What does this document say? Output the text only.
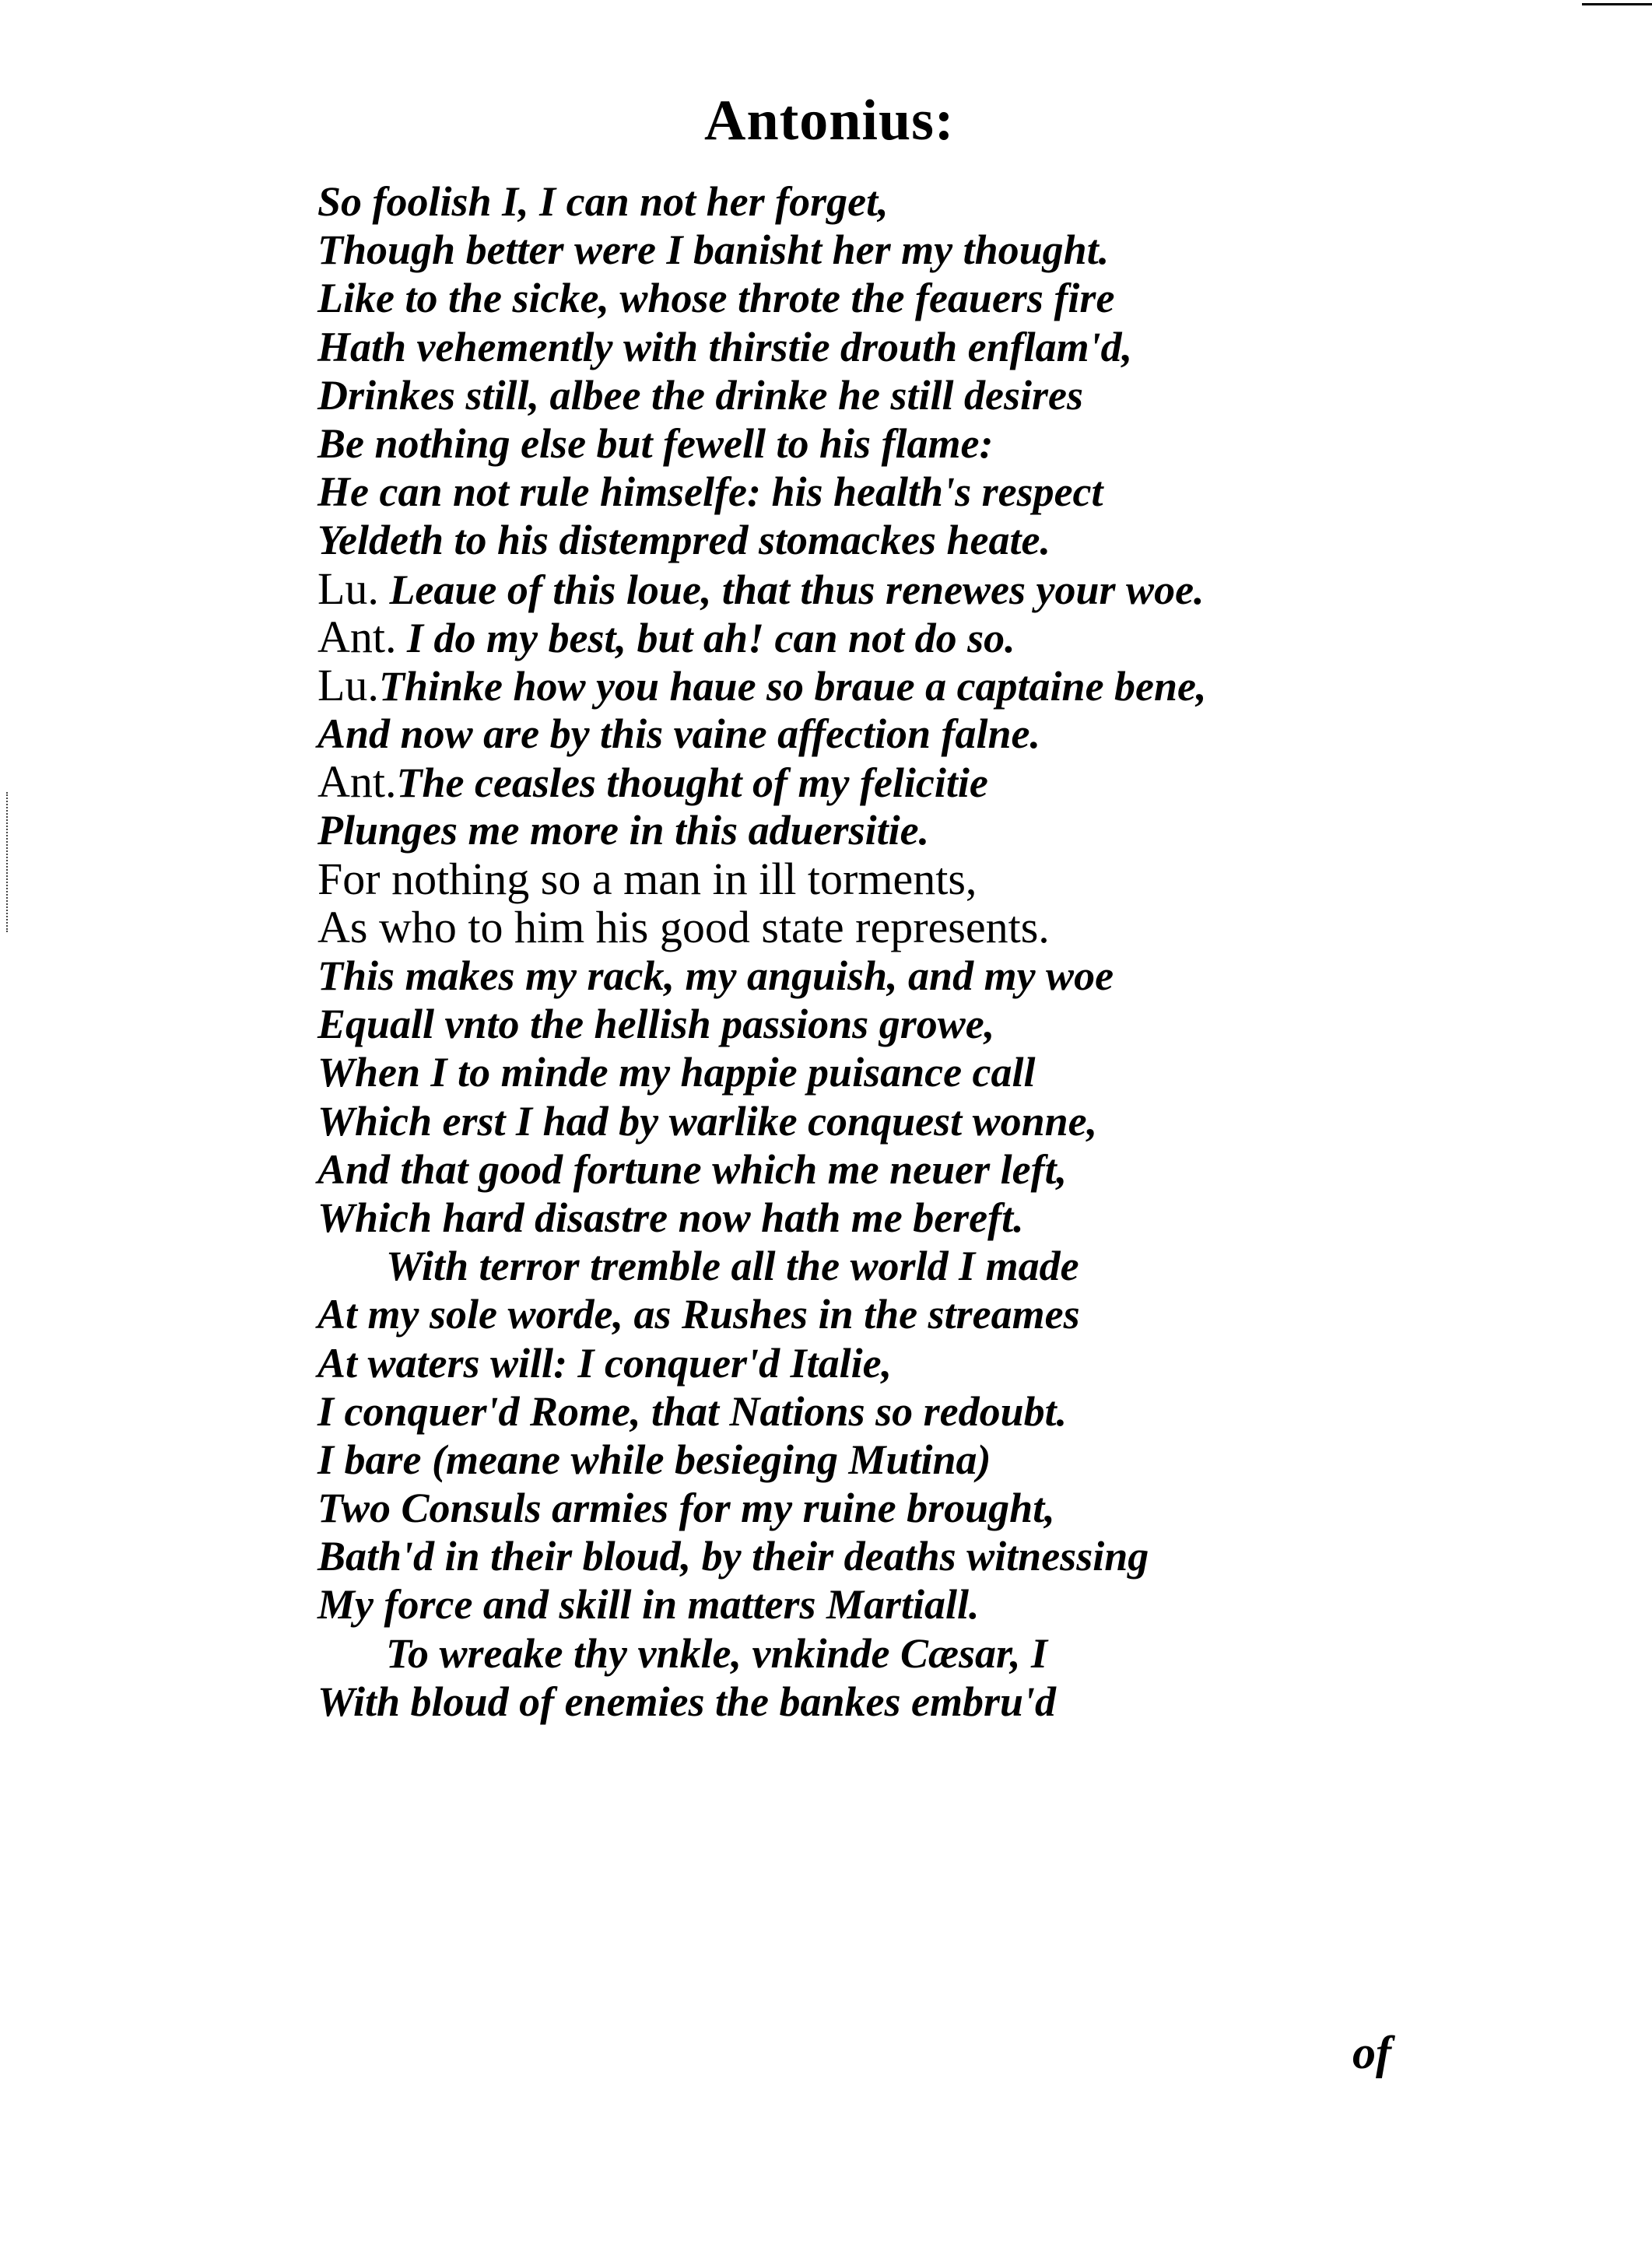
Antonius:
So foolish I, I can not her forget,
Though better were I banisht her my thought.
Like to the sicke, whose throte the feauers fire
Hath vehemently with thirstie drouth enflam'd,
Drinkes still, albee the drinke he still desires
Be nothing else but fewell to his flame:
He can not rule himselfe: his health's respect
Yeldeth to his distempred stomackes heate.
Lu. Leaue of this loue, that thus renewes your woe.
Ant. I do my best, but ah! can not do so.
Lu.Thinke how you haue so braue a captaine bene,
And now are by this vaine affection falne.
Ant.The ceasles thought of my felicitie
Plunges me more in this aduersitie.
For nothing so a man in ill torments,
As who to him his good state represents.
This makes my rack, my anguish, and my woe
Equall vnto the hellish passions growe,
When I to minde my happie puisance call
Which erst I had by warlike conquest wonne,
And that good fortune which me neuer left,
Which hard disastre now hath me bereft.
With terror tremble all the world I made
At my sole worde, as Rushes in the streames
At waters will: I conquer'd Italie,
I conquer'd Rome, that Nations so redoubt.
I bare (meane while besieging Mutina)
Two Consuls armies for my ruine brought,
Bath'd in their bloud, by their deaths witnessing
My force and skill in matters Martiall.
To wreake thy vnkle, vnkinde Cæsar, I
With bloud of enemies the bankes embru'd
of
